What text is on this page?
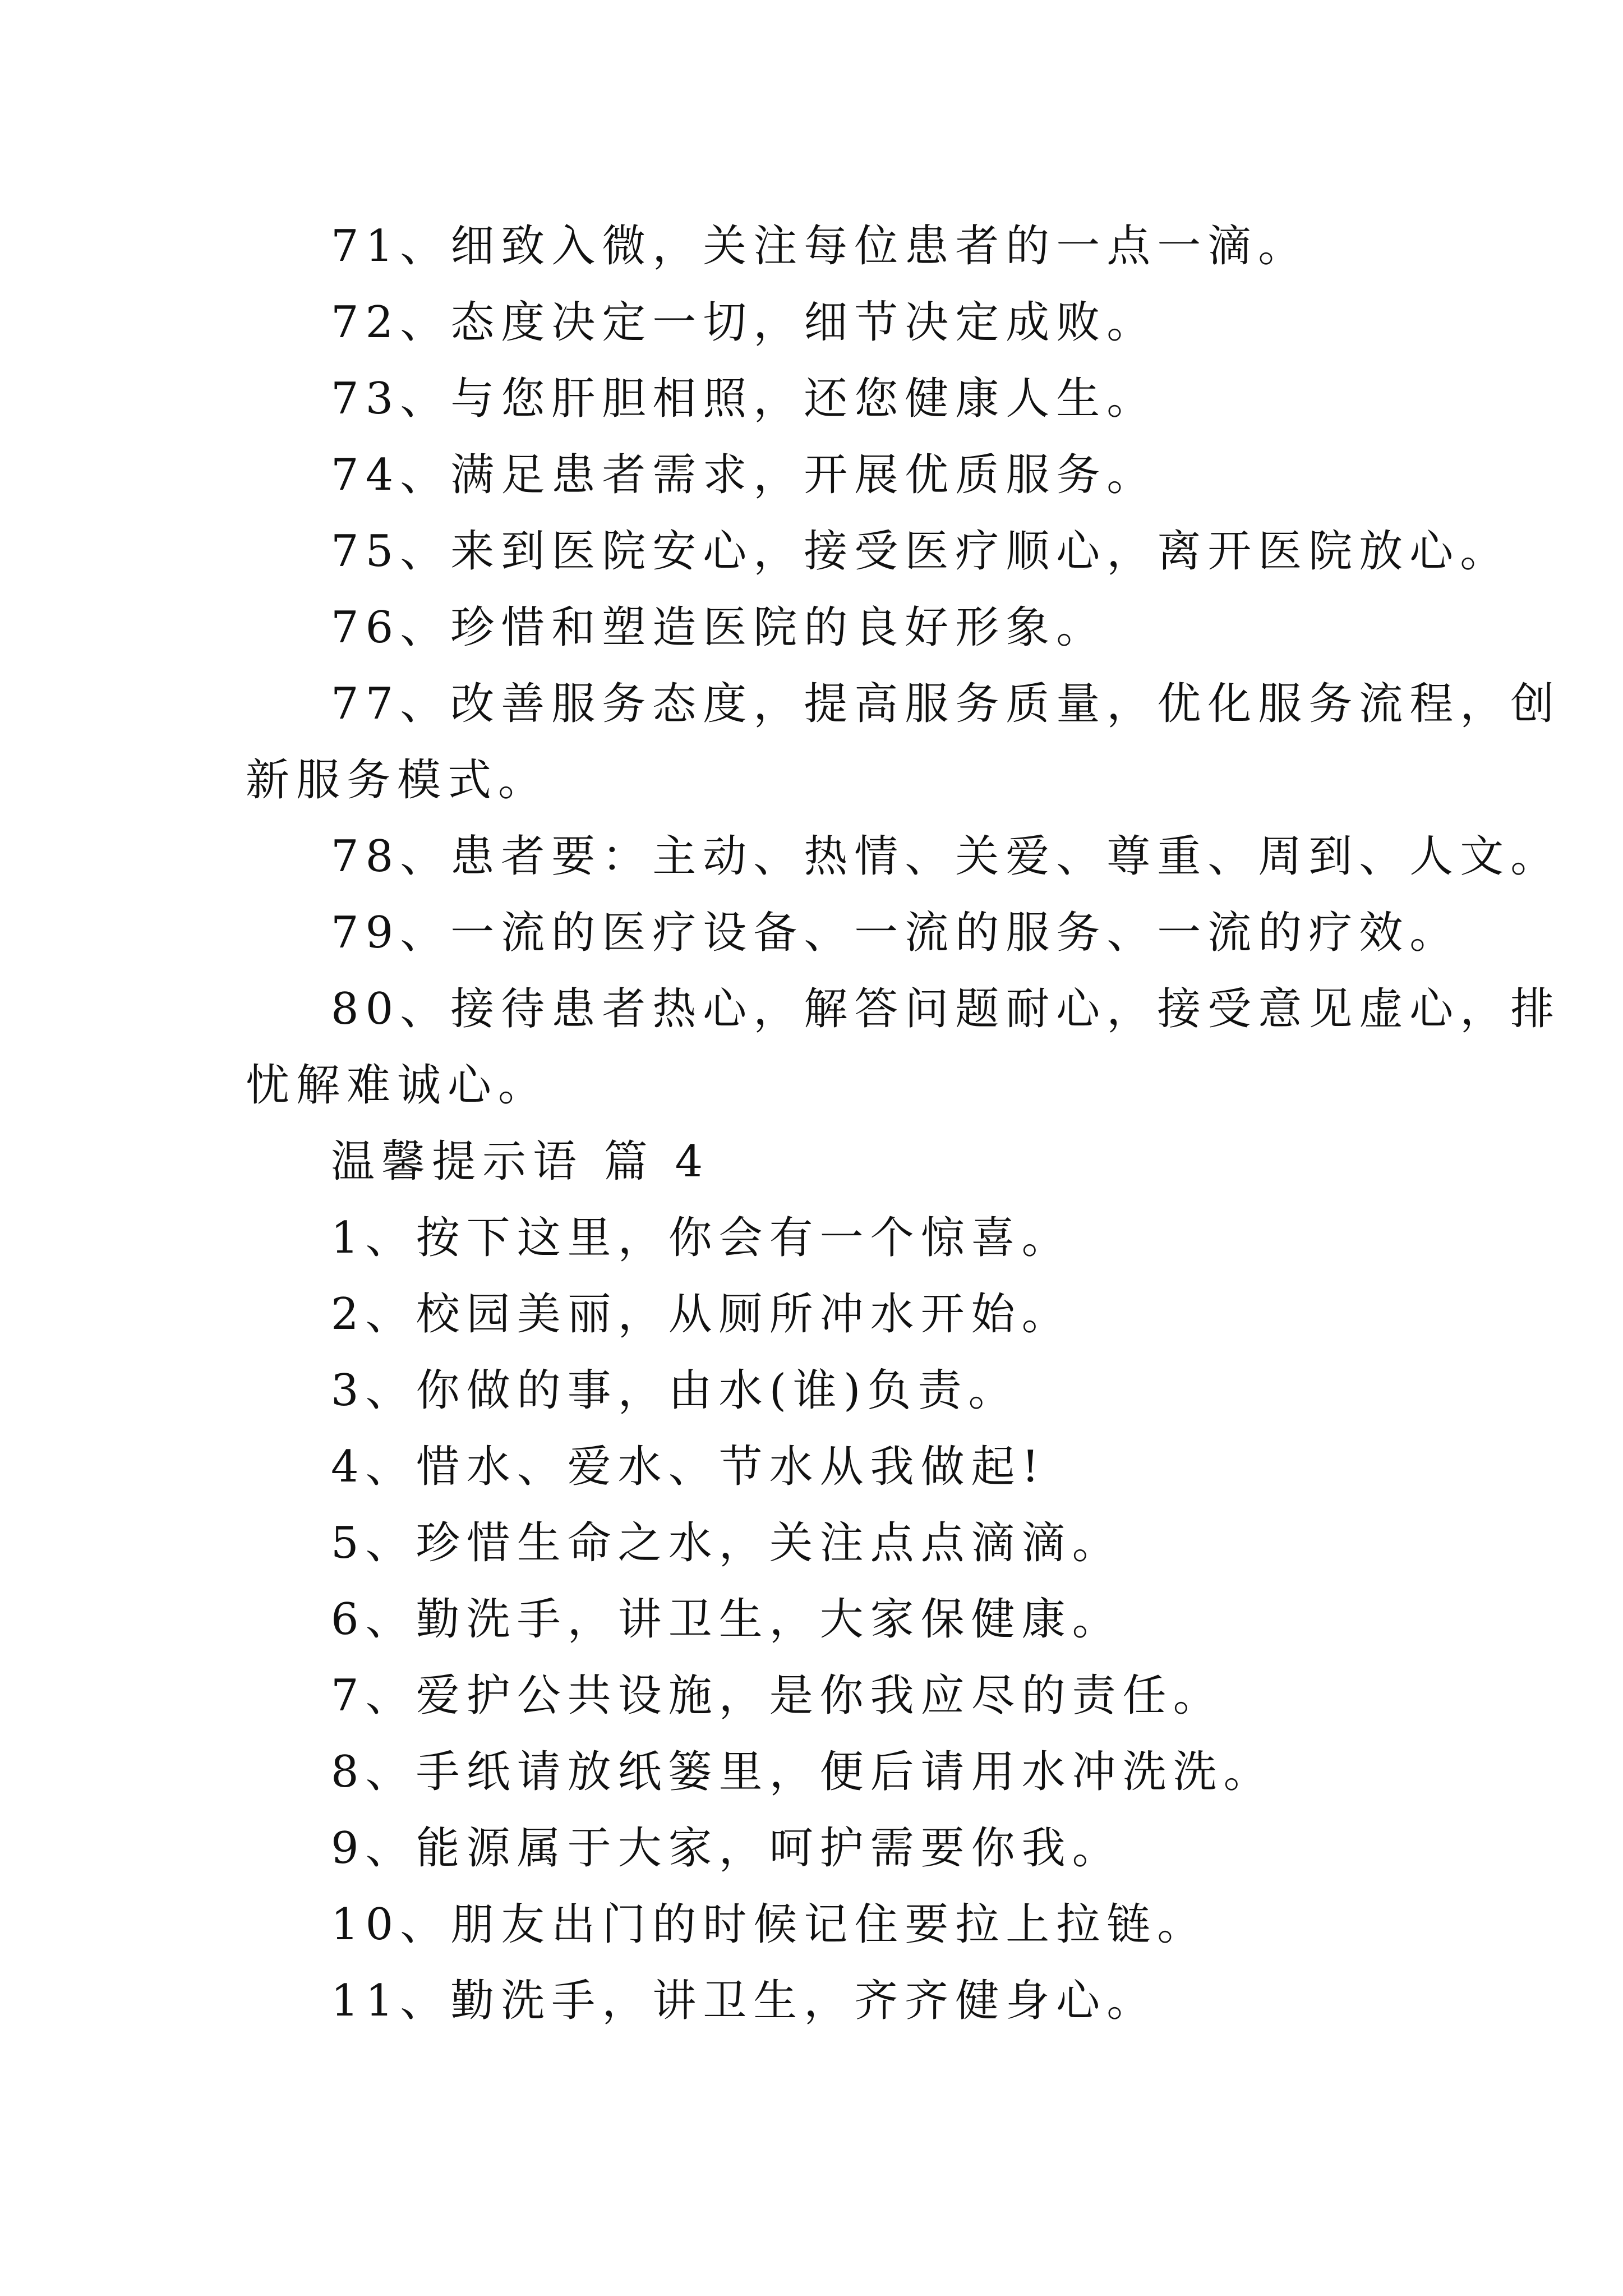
71、细致入微，关注每位患者的一点一滴。
72、态度决定一切，细节决定成败。
73、与您肝胆相照，还您健康人生。
74、满足患者需求，开展优质服务。
75、来到医院安心，接受医疗顺心，离开医院放心。
76、珍惜和塑造医院的良好形象。
77、改善服务态度，提高服务质量，优化服务流程，创
新服务模式。
78、患者要：主动、热情、关爱、尊重、周到、人文。
79、一流的医疗设备、一流的服务、一流的疗效。
80、接待患者热心，解答问题耐心，接受意见虚心，排
忧解难诚心。
温馨提示语 篇 4
1、按下这里，你会有一个惊喜。
2、校园美丽，从厕所冲水开始。
3、你做的事，由水(谁)负责。
4、惜水、爱水、节水从我做起!
5、珍惜生命之水，关注点点滴滴。
6、勤洗手，讲卫生，大家保健康。
7、爱护公共设施，是你我应尽的责任。
8、手纸请放纸篓里，便后请用水冲洗洗。
9、能源属于大家，呵护需要你我。
10、朋友出门的时候记住要拉上拉链。
11、勤洗手，讲卫生，齐齐健身心。
